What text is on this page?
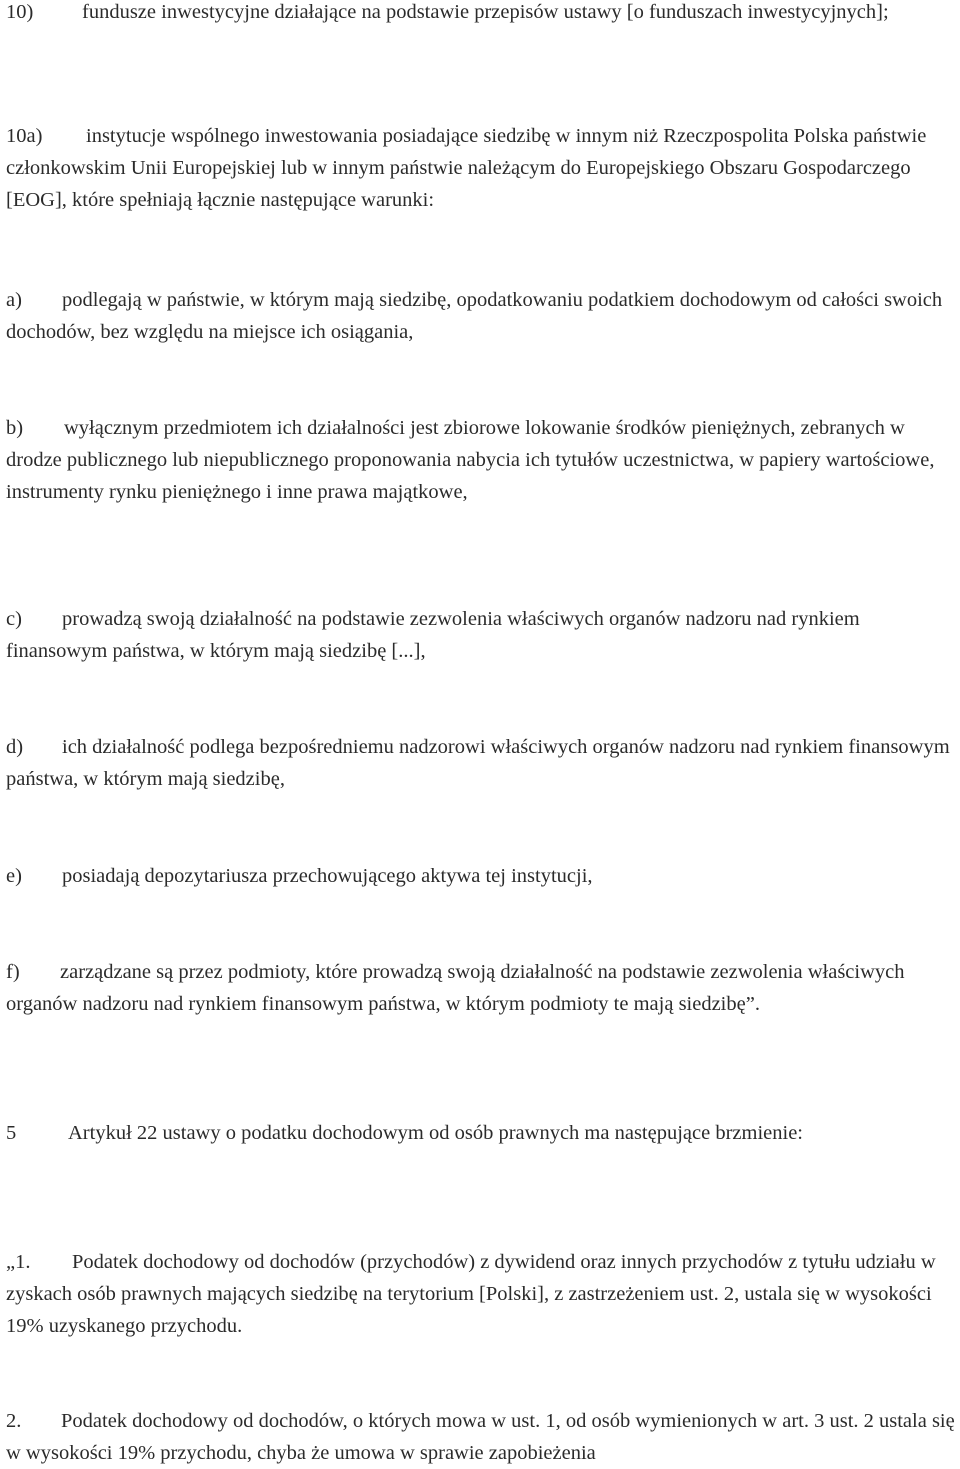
10) fundusze inwestycyjne działające na podstawie przepisów ustawy [o funduszach inwestycyjnych];

10a) instytucje wspólnego inwestowania posiadające siedzibę w innym niż Rzeczpospolita Polska państwie członkowskim Unii Europejskiej lub w innym państwie należącym do Europejskiego Obszaru Gospodarczego [EOG], które spełniają łącznie następujące warunki:

a) podlegają w państwie, w którym mają siedzibę, opodatkowaniu podatkiem dochodowym od całości swoich dochodów, bez względu na miejsce ich osiągania,

b) wyłącznym przedmiotem ich działalności jest zbiorowe lokowanie środków pieniężnych, zebranych w drodze publicznego lub niepublicznego proponowania nabycia ich tytułów uczestnictwa, w papiery wartościowe, instrumenty rynku pieniężnego i inne prawa majątkowe,

c) prowadzą swoją działalność na podstawie zezwolenia właściwych organów nadzoru nad rynkiem finansowym państwa, w którym mają siedzibę [...],

d) ich działalność podlega bezpośredniemu nadzorowi właściwych organów nadzoru nad rynkiem finansowym państwa, w którym mają siedzibę,

e) posiadają depozytariusza przechowującego aktywa tej instytucji,

f) zarządzane są przez podmioty, które prowadzą swoją działalność na podstawie zezwolenia właściwych organów nadzoru nad rynkiem finansowym państwa, w którym podmioty te mają siedzibę”.

5	Artykuł 22 ustawy o podatku dochodowym od osób prawnych ma następujące brzmienie:

„1. Podatek dochodowy od dochodów (przychodów) z dywidend oraz innych przychodów z tytułu udziału w zyskach osób prawnych mających siedzibę na terytorium [Polski], z zastrzeżeniem ust. 2, ustala się w wysokości 19% uzyskanego przychodu.

2. Podatek dochodowy od dochodów, o których mowa w ust. 1, od osób wymienionych w art. 3 ust. 2 ustala się w wysokości 19% przychodu, chyba że umowa w sprawie zapobieżenia
